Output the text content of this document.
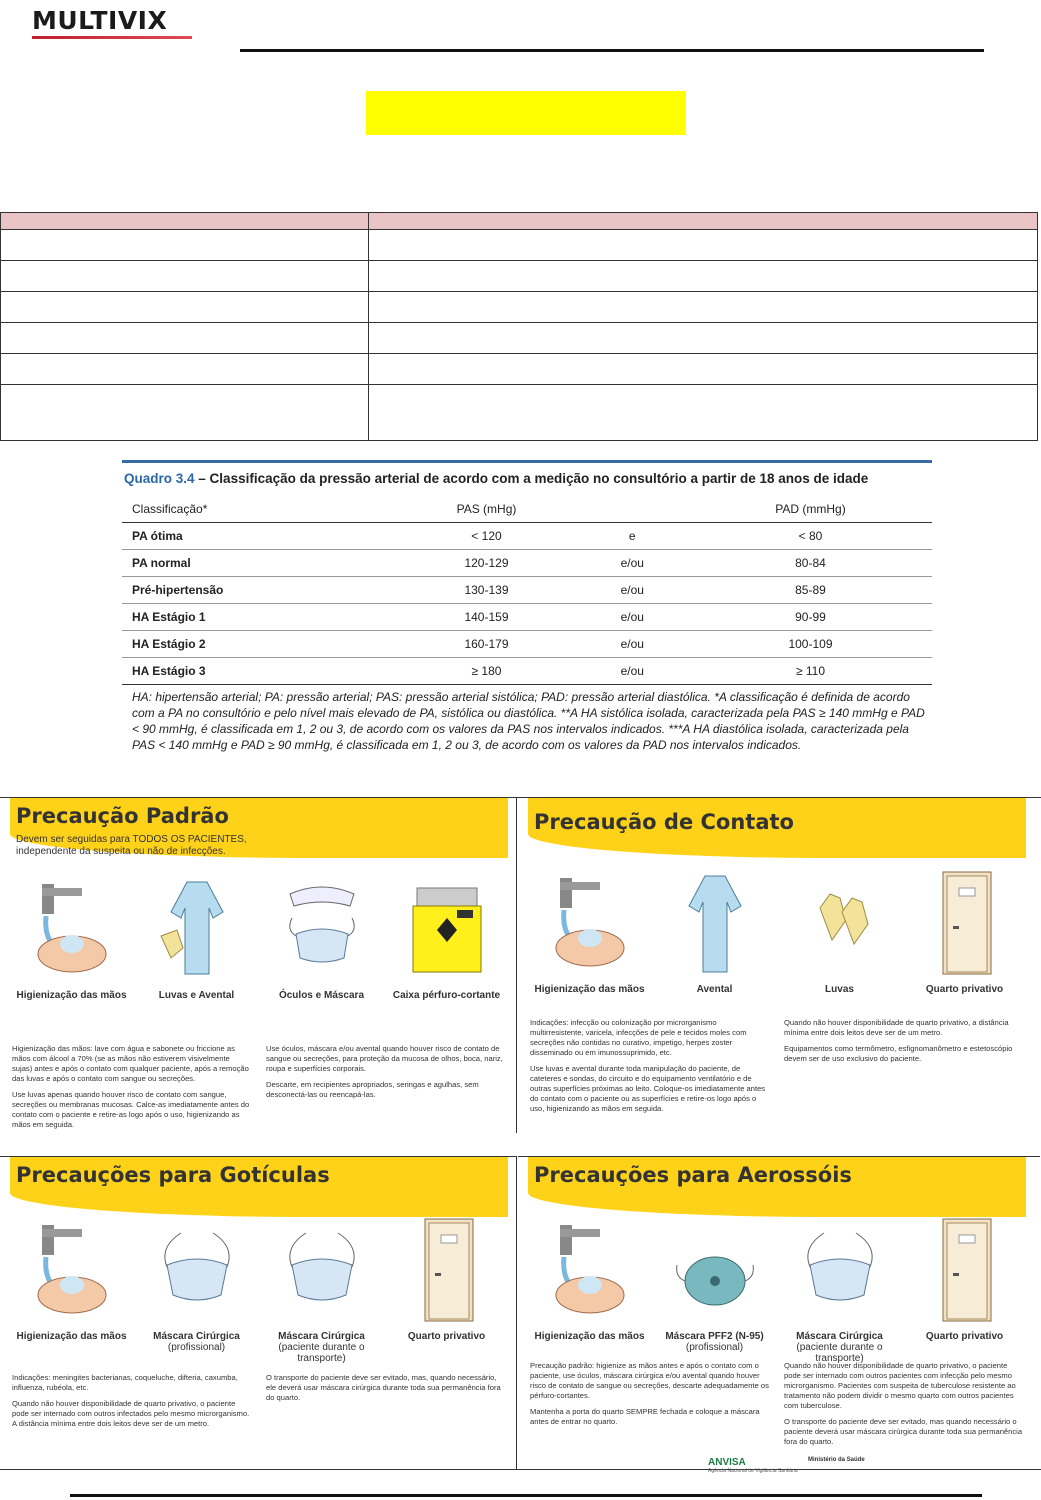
MULTIVIX

Quadro 3.4 – Classificação da pressão arterial de acordo com a medição no consultório a partir de 18 anos de idade
Classificação*	PAS (mHg)		PAD (mmHg)
PA ótima	< 120	e	< 80
PA normal	120-129	e/ou	80-84
Pré-hipertensão	130-139	e/ou	85-89
HA Estágio 1	140-159	e/ou	90-99
HA Estágio 2	160-179	e/ou	100-109
HA Estágio 3	≥ 180	e/ou	≥ 110
HA: hipertensão arterial; PA: pressão arterial; PAS: pressão arterial sistólica; PAD: pressão arterial diastólica. *A classificação é definida de acordo com a PA no consultório e pelo nível mais elevado de PA, sistólica ou diastólica. **A HA sistólica isolada, caracterizada pela PAS ≥ 140 mmHg e PAD < 90 mmHg, é classificada em 1, 2 ou 3, de acordo com os valores da PAS nos intervalos indicados. ***A HA diastólica isolada, caracterizada pela PAS < 140 mmHg e PAD ≥ 90 mmHg, é classificada em 1, 2 ou 3, de acordo com os valores da PAD nos intervalos indicados.
Precaução Padrão
Devem ser seguidas para TODOS OS PACIENTES,
independente da suspeita ou não de infecções.
Higienização das mãos	Luvas e Avental	Óculos e Máscara	Caixa pérfuro-cortante

Higienização das mãos: lave com água e sabonete ou friccione as mãos com álcool a 70% (se as mãos não estiverem visivelmente sujas) antes e após o contato com qualquer paciente, após a remoção das luvas e após o contato com sangue ou secreções.

Use luvas apenas quando houver risco de contato com sangue, secreções ou membranas mucosas. Calce-as imediatamente antes do contato com o paciente e retire-as logo após o uso, higienizando as mãos em seguida.

Use óculos, máscara e/ou avental quando houver risco de contato de sangue ou secreções, para proteção da mucosa de olhos, boca, nariz, roupa e superfícies corporais.

Descarte, em recipientes apropriados, seringas e agulhas, sem desconectá-las ou reencapá-las.

Precaução de Contato
Higienização das mãos	Avental	Luvas	Quarto privativo

Indicações: infecção ou colonização por microrganismo multirresistente, varicela, infecções de pele e tecidos moles com secreções não contidas no curativo, impetigo, herpes zoster disseminado ou em imunossuprimido, etc.

Use luvas e avental durante toda manipulação do paciente, de cateteres e sondas, do circuito e do equipamento ventilatório e de outras superfícies próximas ao leito. Coloque-os imediatamente antes do contato com o paciente ou as superfícies e retire-os logo após o uso, higienizando as mãos em seguida.

Quando não houver disponibilidade de quarto privativo, a distância mínima entre dois leitos deve ser de um metro.

Equipamentos como termômetro, esfignomanômetro e estetoscópio devem ser de uso exclusivo do paciente.

Precauções para Gotículas
Higienização das mãos	Máscara Cirúrgica
(profissional)
Máscara Cirúrgica
(paciente durante o transporte)
Quarto privativo

Indicações: meningites bacterianas, coqueluche, difteria, caxumba, influenza, rubéola, etc.

Quando não houver disponibilidade de quarto privativo, o paciente pode ser internado com outros infectados pelo mesmo microrganismo. A distância mínima entre dois leitos deve ser de um metro.

O transporte do paciente deve ser evitado, mas, quando necessário, ele deverá usar máscara cirúrgica durante toda sua permanência fora do quarto.

Precauções para Aerossóis
Higienização das mãos Máscara PFF2 (N-95)
(profissional)
Máscara Cirúrgica
(paciente durante o transporte)
Quarto privativo

Precaução padrão: higienize as mãos antes e após o contato com o paciente, use óculos, máscara cirúrgica e/ou avental quando houver risco de contato de sangue ou secreções, descarte adequadamente os pérfuro-cortantes.

Mantenha a porta do quarto SEMPRE fechada e coloque a máscara antes de entrar no quarto.

Quando não houver disponibilidade de quarto privativo, o paciente pode ser internado com outros pacientes com infecção pelo mesmo microrganismo. Pacientes com suspeita de tuberculose resistente ao tratamento não podem dividir o mesmo quarto com outros pacientes com tuberculose.

O transporte do paciente deve ser evitado, mas quando necessário o paciente deverá usar máscara cirúrgica durante toda sua permanência fora do quarto.

ANVISA
Agência Nacional de Vigilância Sanitária
Ministério da Saúde
